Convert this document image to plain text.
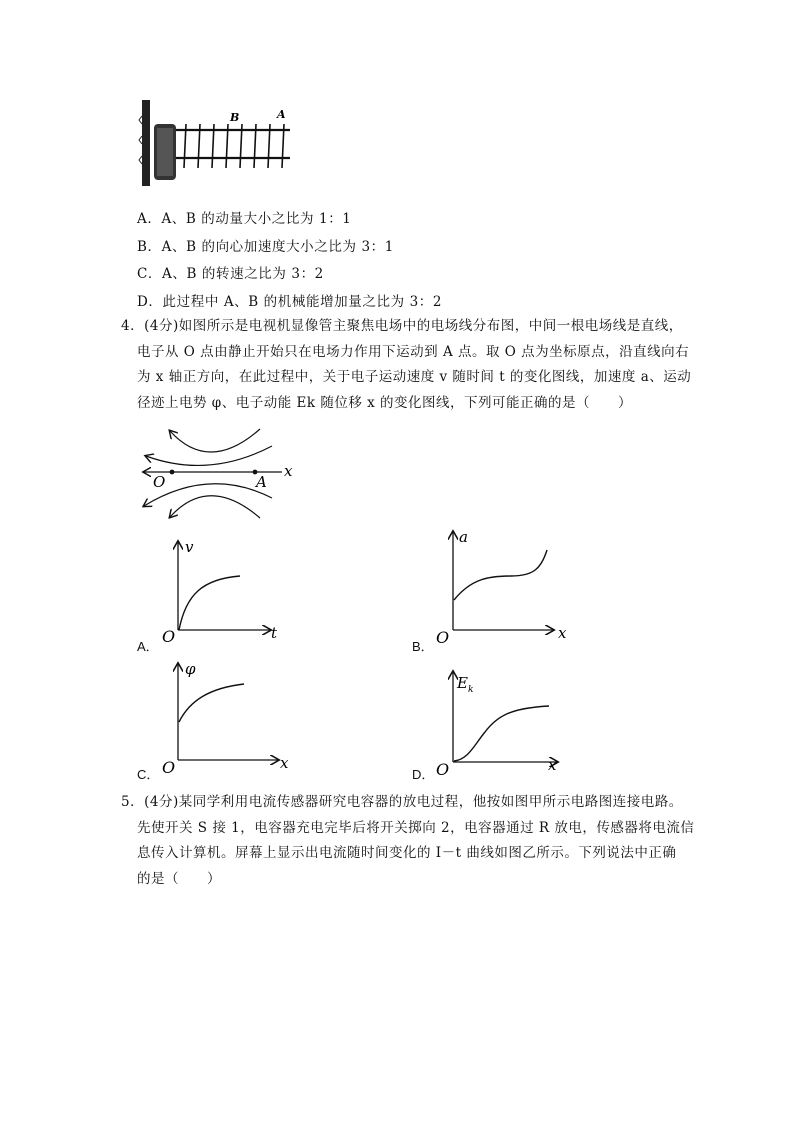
B	A
A．A、B 的动量大小之比为 1：1
B．A、B 的向心加速度大小之比为 3：1
C．A、B 的转速之比为 3：2
D．此过程中 A、B 的机械能增加量之比为 3：2

4．(4分)如图所示是电视机显像管主聚焦电场中的电场线分布图，中间一根电场线是直线，

电子从 O 点由静止开始只在电场力作用下运动到 A 点。取 O 点为坐标原点，沿直线向右

为 x 轴正方向，在此过程中，关于电子运动速度 v 随时间 t 的变化图线，加速度 a、运动

径迹上电势 φ、电子动能 Ek 随位移 x 的变化图线，下列可能正确的是（　　）

O	A
x
A．
v
t
O
B．
a
x
O
C．
φ
x
O	D．
E k
x
O

5．(4分)某同学利用电流传感器研究电容器的放电过程，他按如图甲所示电路图连接电路。

先使开关 S 接 1，电容器充电完毕后将开关掷向 2，电容器通过 R 放电，传感器将电流信

息传入计算机。屏幕上显示出电流随时间变化的 I－t 曲线如图乙所示。下列说法中正确

的是（　　）
